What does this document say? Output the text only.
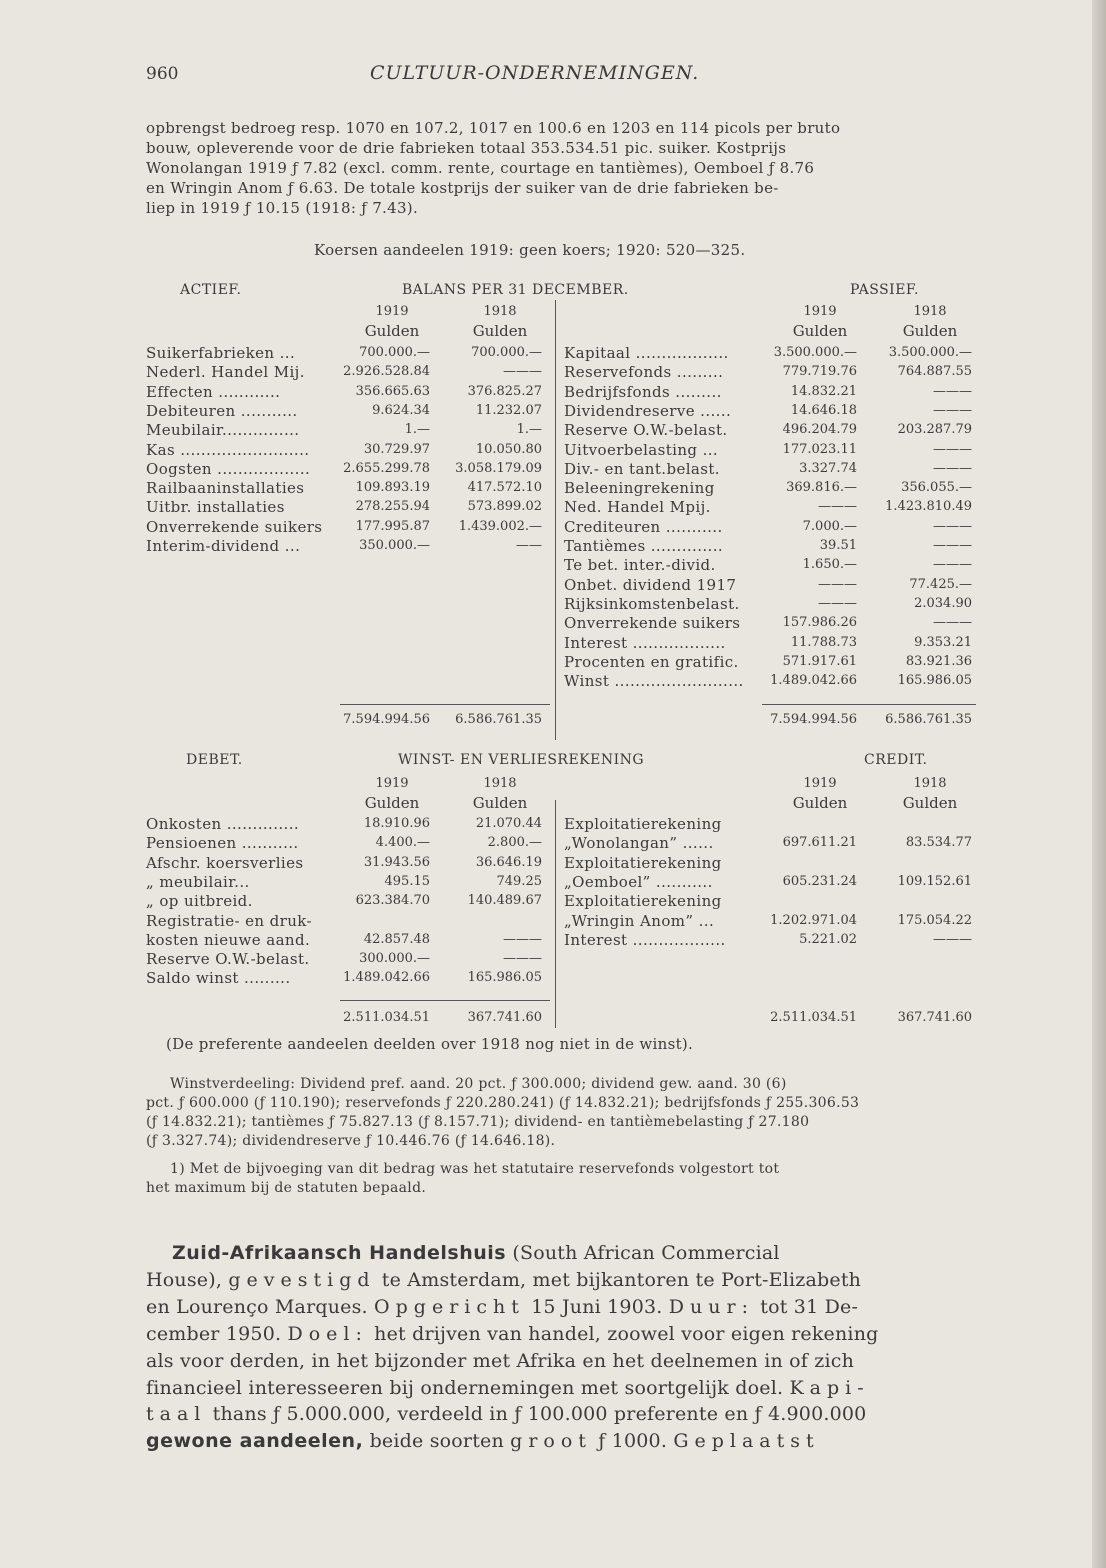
960	CULTUUR-ONDERNEMINGEN.
opbrengst bedroeg resp. 1070 en 107.2, 1017 en 100.6 en 1203 en 114 picols per bruto
bouw, opleverende voor de drie fabrieken totaal 353.534.51 pic. suiker. Kostprijs
Wonolangan 1919 ƒ 7.82 (excl. comm. rente, courtage en tantièmes), Oemboel ƒ 8.76
en Wringin Anom ƒ 6.63. De totale kostprijs der suiker van de drie fabrieken be-
liep in 1919 ƒ 10.15 (1918: ƒ 7.43).
Koersen aandeelen 1919: geen koers; 1920: 520—325.
ACTIEF.	BALANS PER 31 DECEMBER.	PASSIEF.
1919	1918
Gulden	Gulden
1919	1918
Gulden	Gulden
Suikerfabrieken ...	700.000.—	700.000.—
Nederl. Handel Mij.	2.926.528.84	———
Effecten ............	356.665.63	376.825.27
Debiteuren ...........	9.624.34	11.232.07
Meubilair...............	1.—	1.—
Kas .........................	30.729.97	10.050.80
Oogsten ..................	2.655.299.78	3.058.179.09
Railbaaninstallaties	109.893.19	417.572.10
Uitbr. installaties	278.255.94	573.899.02
Onverrekende suikers	177.995.87	1.439.002.—
Interim-dividend ...	350.000.—	——
Kapitaal ..................	3.500.000.—	3.500.000.—
Reservefonds .........	779.719.76	764.887.55
Bedrijfsfonds .........	14.832.21	———
Dividendreserve ......	14.646.18	———
Reserve O.W.-belast.	496.204.79	203.287.79
Uitvoerbelasting ...	177.023.11	———
Div.- en tant.belast.	3.327.74	———
Beleeningrekening	369.816.—	356.055.—
Ned. Handel Mpij.	———	1.423.810.49
Crediteuren ...........	7.000.—	———
Tantièmes ..............	39.51	———
Te bet. inter.-divid.	1.650.—	———
Onbet. dividend 1917	———	77.425.—
Rijksinkomstenbelast.	———	2.034.90
Onverrekende suikers	157.986.26	———
Interest ..................	11.788.73	9.353.21
Procenten en gratific.	571.917.61	83.921.36
Winst .........................	1.489.042.66	165.986.05
7.594.994.56	6.586.761.35	7.594.994.56	6.586.761.35
DEBET.	WINST- EN VERLIESREKENING	CREDIT.
1919	1918
Gulden	Gulden
1919	1918
Gulden	Gulden
Onkosten ..............	18.910.96	21.070.44
Pensioenen ...........	4.400.—	2.800.—
Afschr. koersverlies	31.943.56	36.646.19
„ meubilair...	495.15	749.25
„ op uitbreid.	623.384.70	140.489.67
Registratie- en druk-
kosten nieuwe aand.	42.857.48	———
Reserve O.W.-belast.	300.000.—	———
Saldo winst .........	1.489.042.66	165.986.05
Exploitatierekening
„Wonolangan” ......	697.611.21	83.534.77
Exploitatierekening
„Oemboel” ...........	605.231.24	109.152.61
Exploitatierekening
„Wringin Anom” ...	1.202.971.04	175.054.22
Interest ..................	5.221.02	———
2.511.034.51	367.741.60	2.511.034.51	367.741.60
(De preferente aandeelen deelden over 1918 nog niet in de winst).
Winstverdeeling: Dividend pref. aand. 20 pct. ƒ 300.000; dividend gew. aand. 30 (6)
pct. ƒ 600.000 (ƒ 110.190); reservefonds ƒ 220.280.241) (ƒ 14.832.21); bedrijfsfonds ƒ 255.306.53
(ƒ 14.832.21); tantièmes ƒ 75.827.13 (ƒ 8.157.71); dividend- en tantièmebelasting ƒ 27.180
(ƒ 3.327.74); dividendreserve ƒ 10.446.76 (ƒ 14.646.18).
1) Met de bijvoeging van dit bedrag was het statutaire reservefonds volgestort tot
het maximum bij de statuten bepaald.
Zuid-Afrikaansch Handelshuis (South African Commercial
House), gevestigd te Amsterdam, met bijkantoren te Port-Elizabeth
en Lourenço Marques. Opgericht 15 Juni 1903. Duur: tot 31 De-
cember 1950. Doel: het drijven van handel, zoowel voor eigen rekening
als voor derden, in het bijzonder met Afrika en het deelnemen in of zich
financieel interesseeren bij ondernemingen met soortgelijk doel. Kapi-
taal thans ƒ 5.000.000, verdeeld in ƒ 100.000 preferente en ƒ 4.900.000
gewone aandeelen, beide soorten groot ƒ 1000. Geplaatst
